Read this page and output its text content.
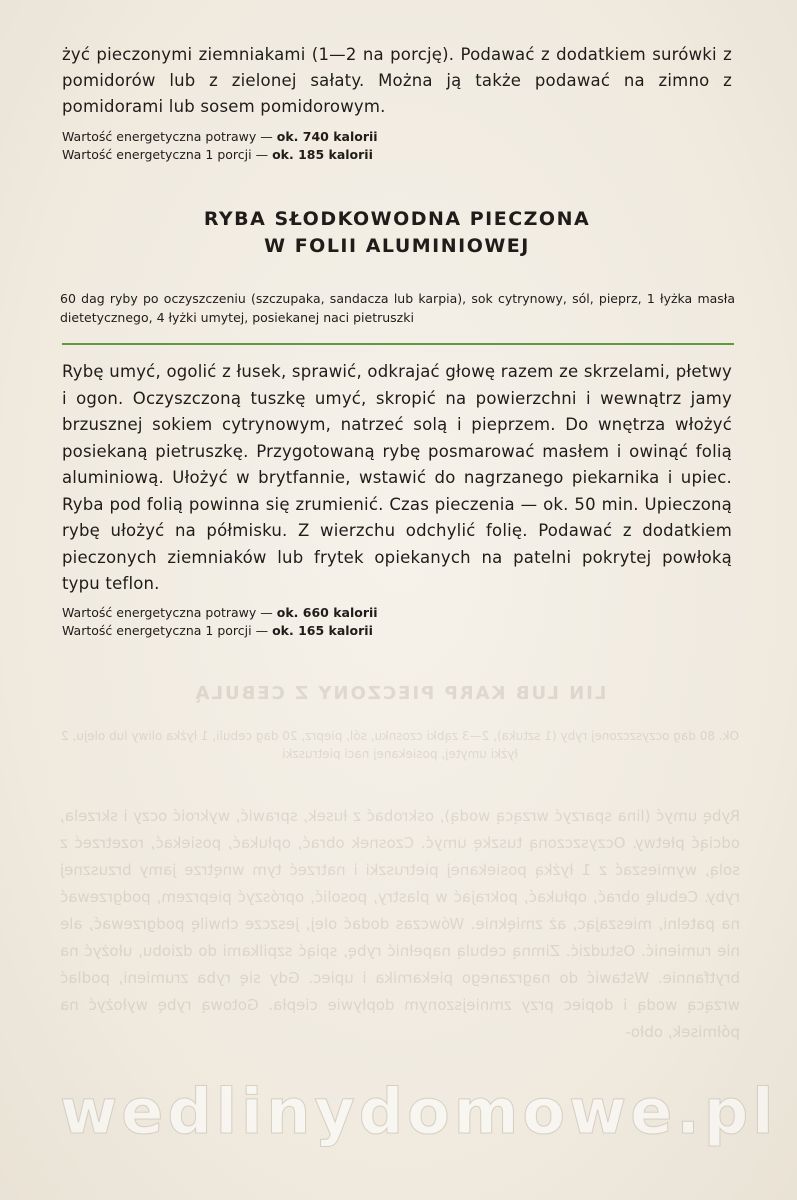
LIN LUB KARP PIECZONY Z CEBULĄ
Ok. 80 dag oczyszczonej ryby (1 sztuka), 2—3 ząbki czosnku, sól, pieprz, 20 dag cebuli, 1 łyżka oliwy lub oleju, 2 łyżki umytej, posiekanej naci pietruszki
Rybę umyć (lina sparzyć wrzącą wodą), oskrobać z łusek, sprawić, wykroić oczy i skrzela, odciąć płetwy. Oczyszczoną tuszkę umyć. Czosnek obrać, opłukać, posiekać, rozetrzeć z solą, wymieszać z 1 łyżką posiekanej pietruszki i natrzeć tym wnętrze jamy brzusznej ryby. Cebulę obrać, opłukać, pokrajać w plastry, posolić, oprószyć pieprzem, podgrzewać na patelni, mieszając, aż zmięknie. Wówczas dodać olej, jeszcze chwilę podgrzewać, ale nie rumienić. Ostudzić. Zimną cebulą napełnić rybę, spiąć szpilkami do dziobu, ułożyć na brytfannie. Wstawić do nagrzanego piekarnika i upiec. Gdy się ryba zrumieni, podlać wrzącą wodą i dopiec przy zmniejszonym dopływie ciepła. Gotową rybę wyłożyć na półmisek, obło-
żyć pieczonymi ziemniakami (1—2 na porcję). Podawać z dodatkiem surówki z pomidorów lub z zielonej sałaty. Można ją także podawać na zimno z pomidorami lub sosem pomidorowym.
Wartość energetyczna potrawy — ok. 740 kalorii
Wartość energetyczna 1 porcji — ok. 185 kalorii
RYBA SŁODKOWODNA PIECZONA
W FOLII ALUMINIOWEJ
60 dag ryby po oczyszczeniu (szczupaka, sandacza lub karpia), sok cytrynowy, sól, pieprz, 1 łyżka masła dietetycznego, 4 łyżki umytej, posiekanej naci pietruszki
Rybę umyć, ogolić z łusek, sprawić, odkrajać głowę razem ze skrzelami, płetwy i ogon. Oczyszczoną tuszkę umyć, skropić na powierzchni i wewnątrz jamy brzusznej sokiem cytrynowym, natrzeć solą i pieprzem. Do wnętrza włożyć posiekaną pietruszkę. Przygotowaną rybę posmarować masłem i owinąć folią aluminiową. Ułożyć w brytfannie, wstawić do nagrzanego piekarnika i upiec. Ryba pod folią powinna się zrumienić. Czas pieczenia — ok. 50 min. Upieczoną rybę ułożyć na półmisku. Z wierzchu odchylić folię. Podawać z dodatkiem pieczonych ziemniaków lub frytek opiekanych na patelni pokrytej powłoką typu teflon.
Wartość energetyczna potrawy — ok. 660 kalorii
Wartość energetyczna 1 porcji — ok. 165 kalorii
wedlinydomowe.pl
